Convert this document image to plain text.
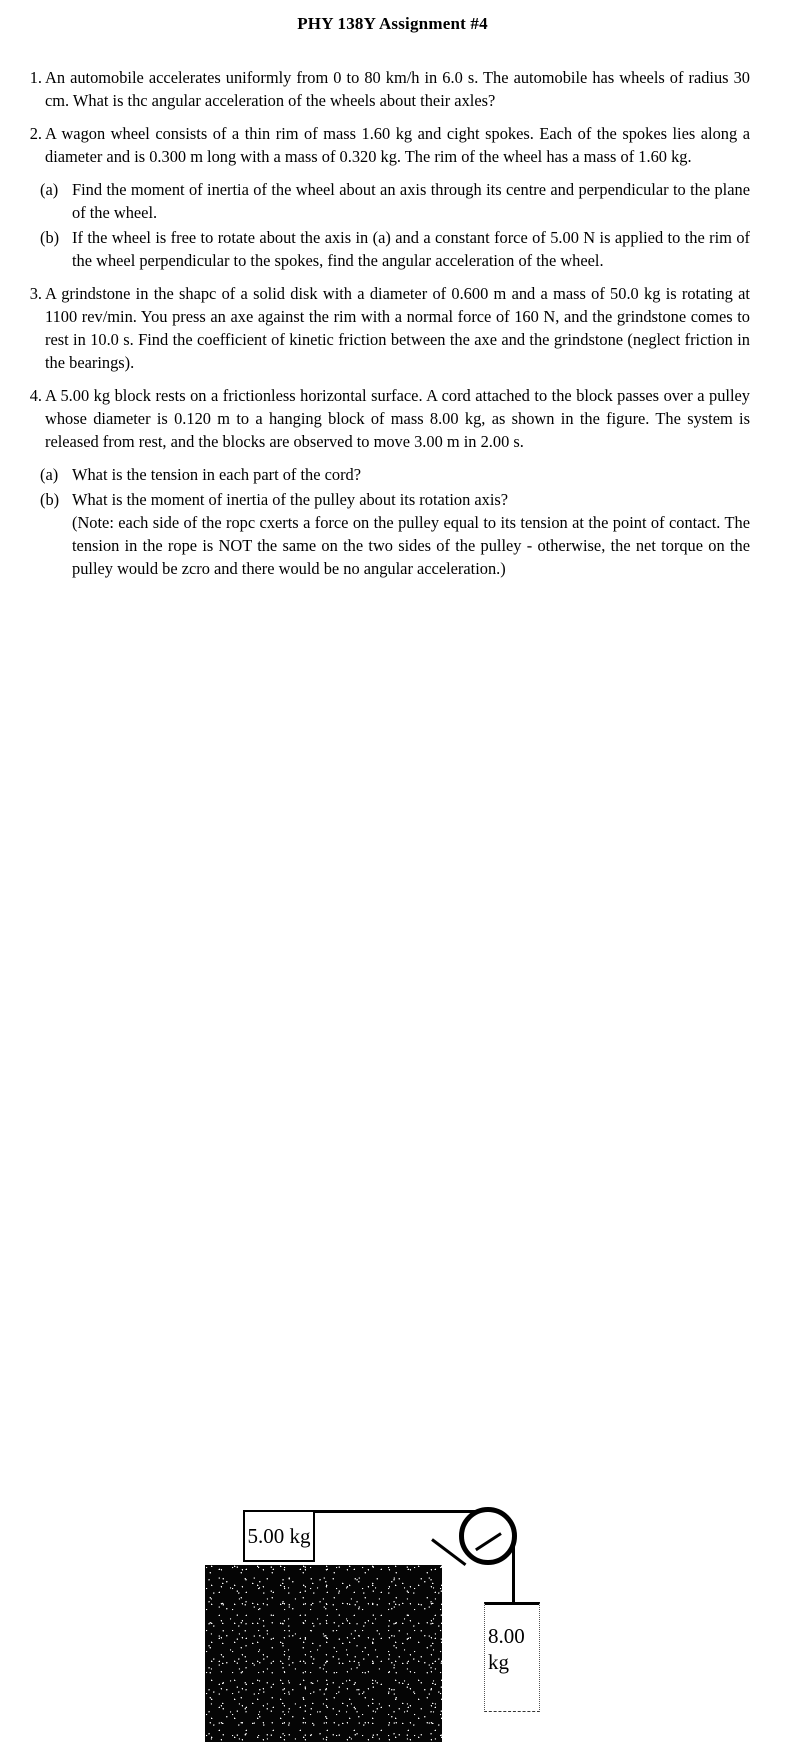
PHY 138Y Assignment #4
1. An automobile accelerates uniformly from 0 to 80 km/h in 6.0 s. The automobile has wheels of radius 30 cm. What is thc angular acceleration of the wheels about their axles?
2. A wagon wheel consists of a thin rim of mass 1.60 kg and cight spokes. Each of the spokes lies along a diameter and is 0.300 m long with a mass of 0.320 kg. The rim of the wheel has a mass of 1.60 kg.
(a) Find the moment of inertia of the wheel about an axis through its centre and perpendicular to the plane of the wheel.
(b) If the wheel is free to rotate about the axis in (a) and a constant force of 5.00 N is applied to the rim of the wheel perpendicular to the spokes, find the angular acceleration of the wheel.
3. A grindstone in the shapc of a solid disk with a diameter of 0.600 m and a mass of 50.0 kg is rotating at 1100 rev/min. You press an axe against the rim with a normal force of 160 N, and the grindstone comes to rest in 10.0 s. Find the coefficient of kinetic friction between the axe and the grindstone (neglect friction in the bearings).
4. A 5.00 kg block rests on a frictionless horizontal surface. A cord attached to the block passes over a pulley whose diameter is 0.120 m to a hanging block of mass 8.00 kg, as shown in the figure. The system is released from rest, and the blocks are observed to move 3.00 m in 2.00 s.
(a) What is the tension in each part of the cord?
(b) What is the moment of inertia of the pulley about its rotation axis?
(Note: each side of the ropc cxerts a force on the pulley equal to its tension at the point of contact. The tension in the rope is NOT the same on the two sides of the pulley - otherwise, the net torque on the pulley would be zcro and there would be no angular acceleration.)
5.00 kg
8.00
kg
